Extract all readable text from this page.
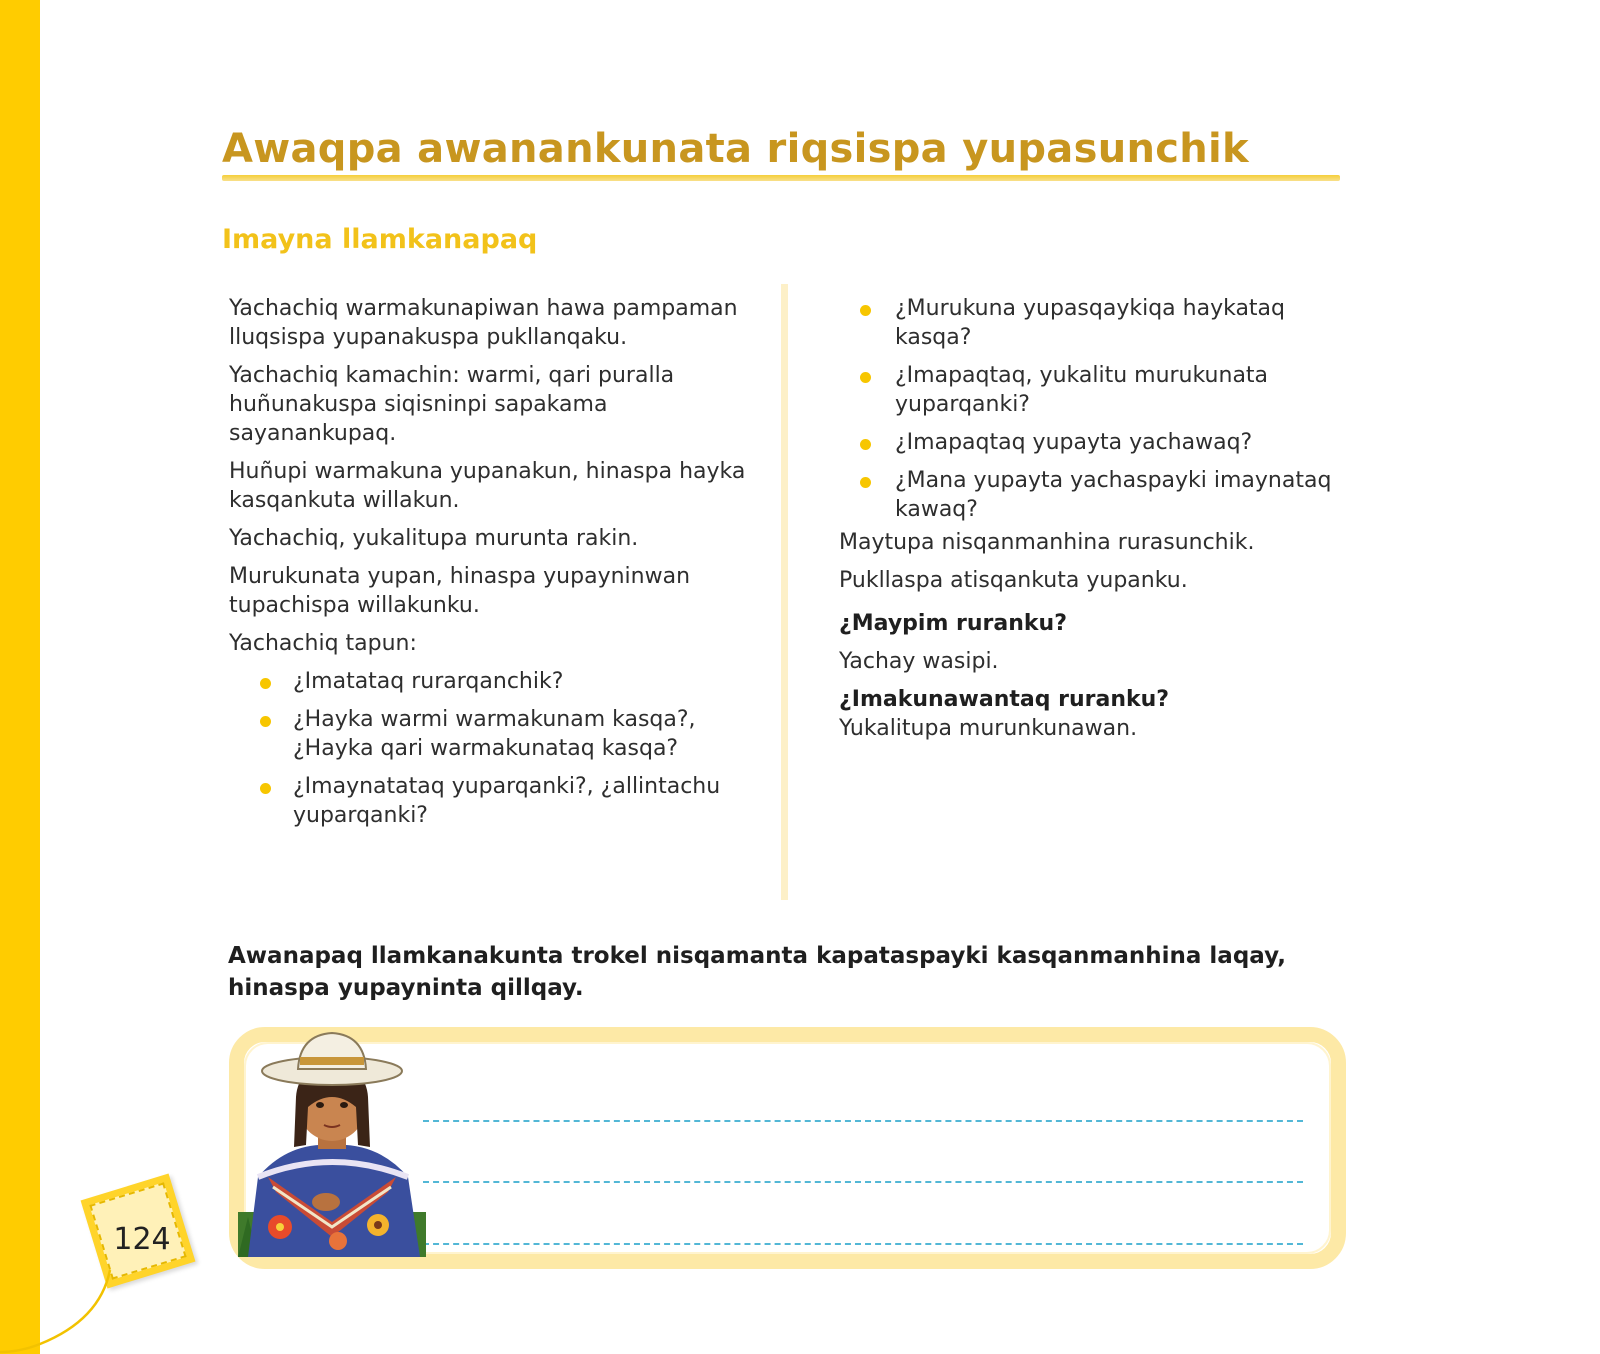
Awaqpa awanankunata riqsispa yupasunchik
Imayna llamkanapaq

Yachachiq warmakunapiwan hawa pampaman lluqsispa yupanakuspa pukllanqaku.

Yachachiq kamachin: warmi, qari puralla huñunakuspa siqisninpi sapakama sayanankupaq.

Huñupi warmakuna yupanakun, hinaspa hayka kasqankuta willakun.

Yachachiq, yukalitupa murunta rakin.

Murukunata yupan, hinaspa yupayninwan tupachispa willakunku.

Yachachiq tapun:

¿Imatataq rurarqanchik?
¿Hayka warmi warmakunam kasqa?, ¿Hayka qari warmakunataq kasqa?
¿Imaynatataq yuparqanki?, ¿allintachu yuparqanki?
¿Murukuna yupasqaykiqa haykataq kasqa?
¿Imapaqtaq, yukalitu murukunata yuparqanki?
¿Imapaqtaq yupayta yachawaq?
¿Mana yupayta yachaspayki imaynataq kawaq?

Maytupa nisqanmanhina rurasunchik.

Pukllaspa atisqankuta yupanku.

¿Maypim ruranku?

Yachay wasipi.

¿Imakunawantaq ruranku?

Yukalitupa murunkunawan.

Awanapaq llamkanakunta trokel nisqamanta kapataspayki kasqanmanhina laqay, hinaspa yupayninta qillqay.

124
